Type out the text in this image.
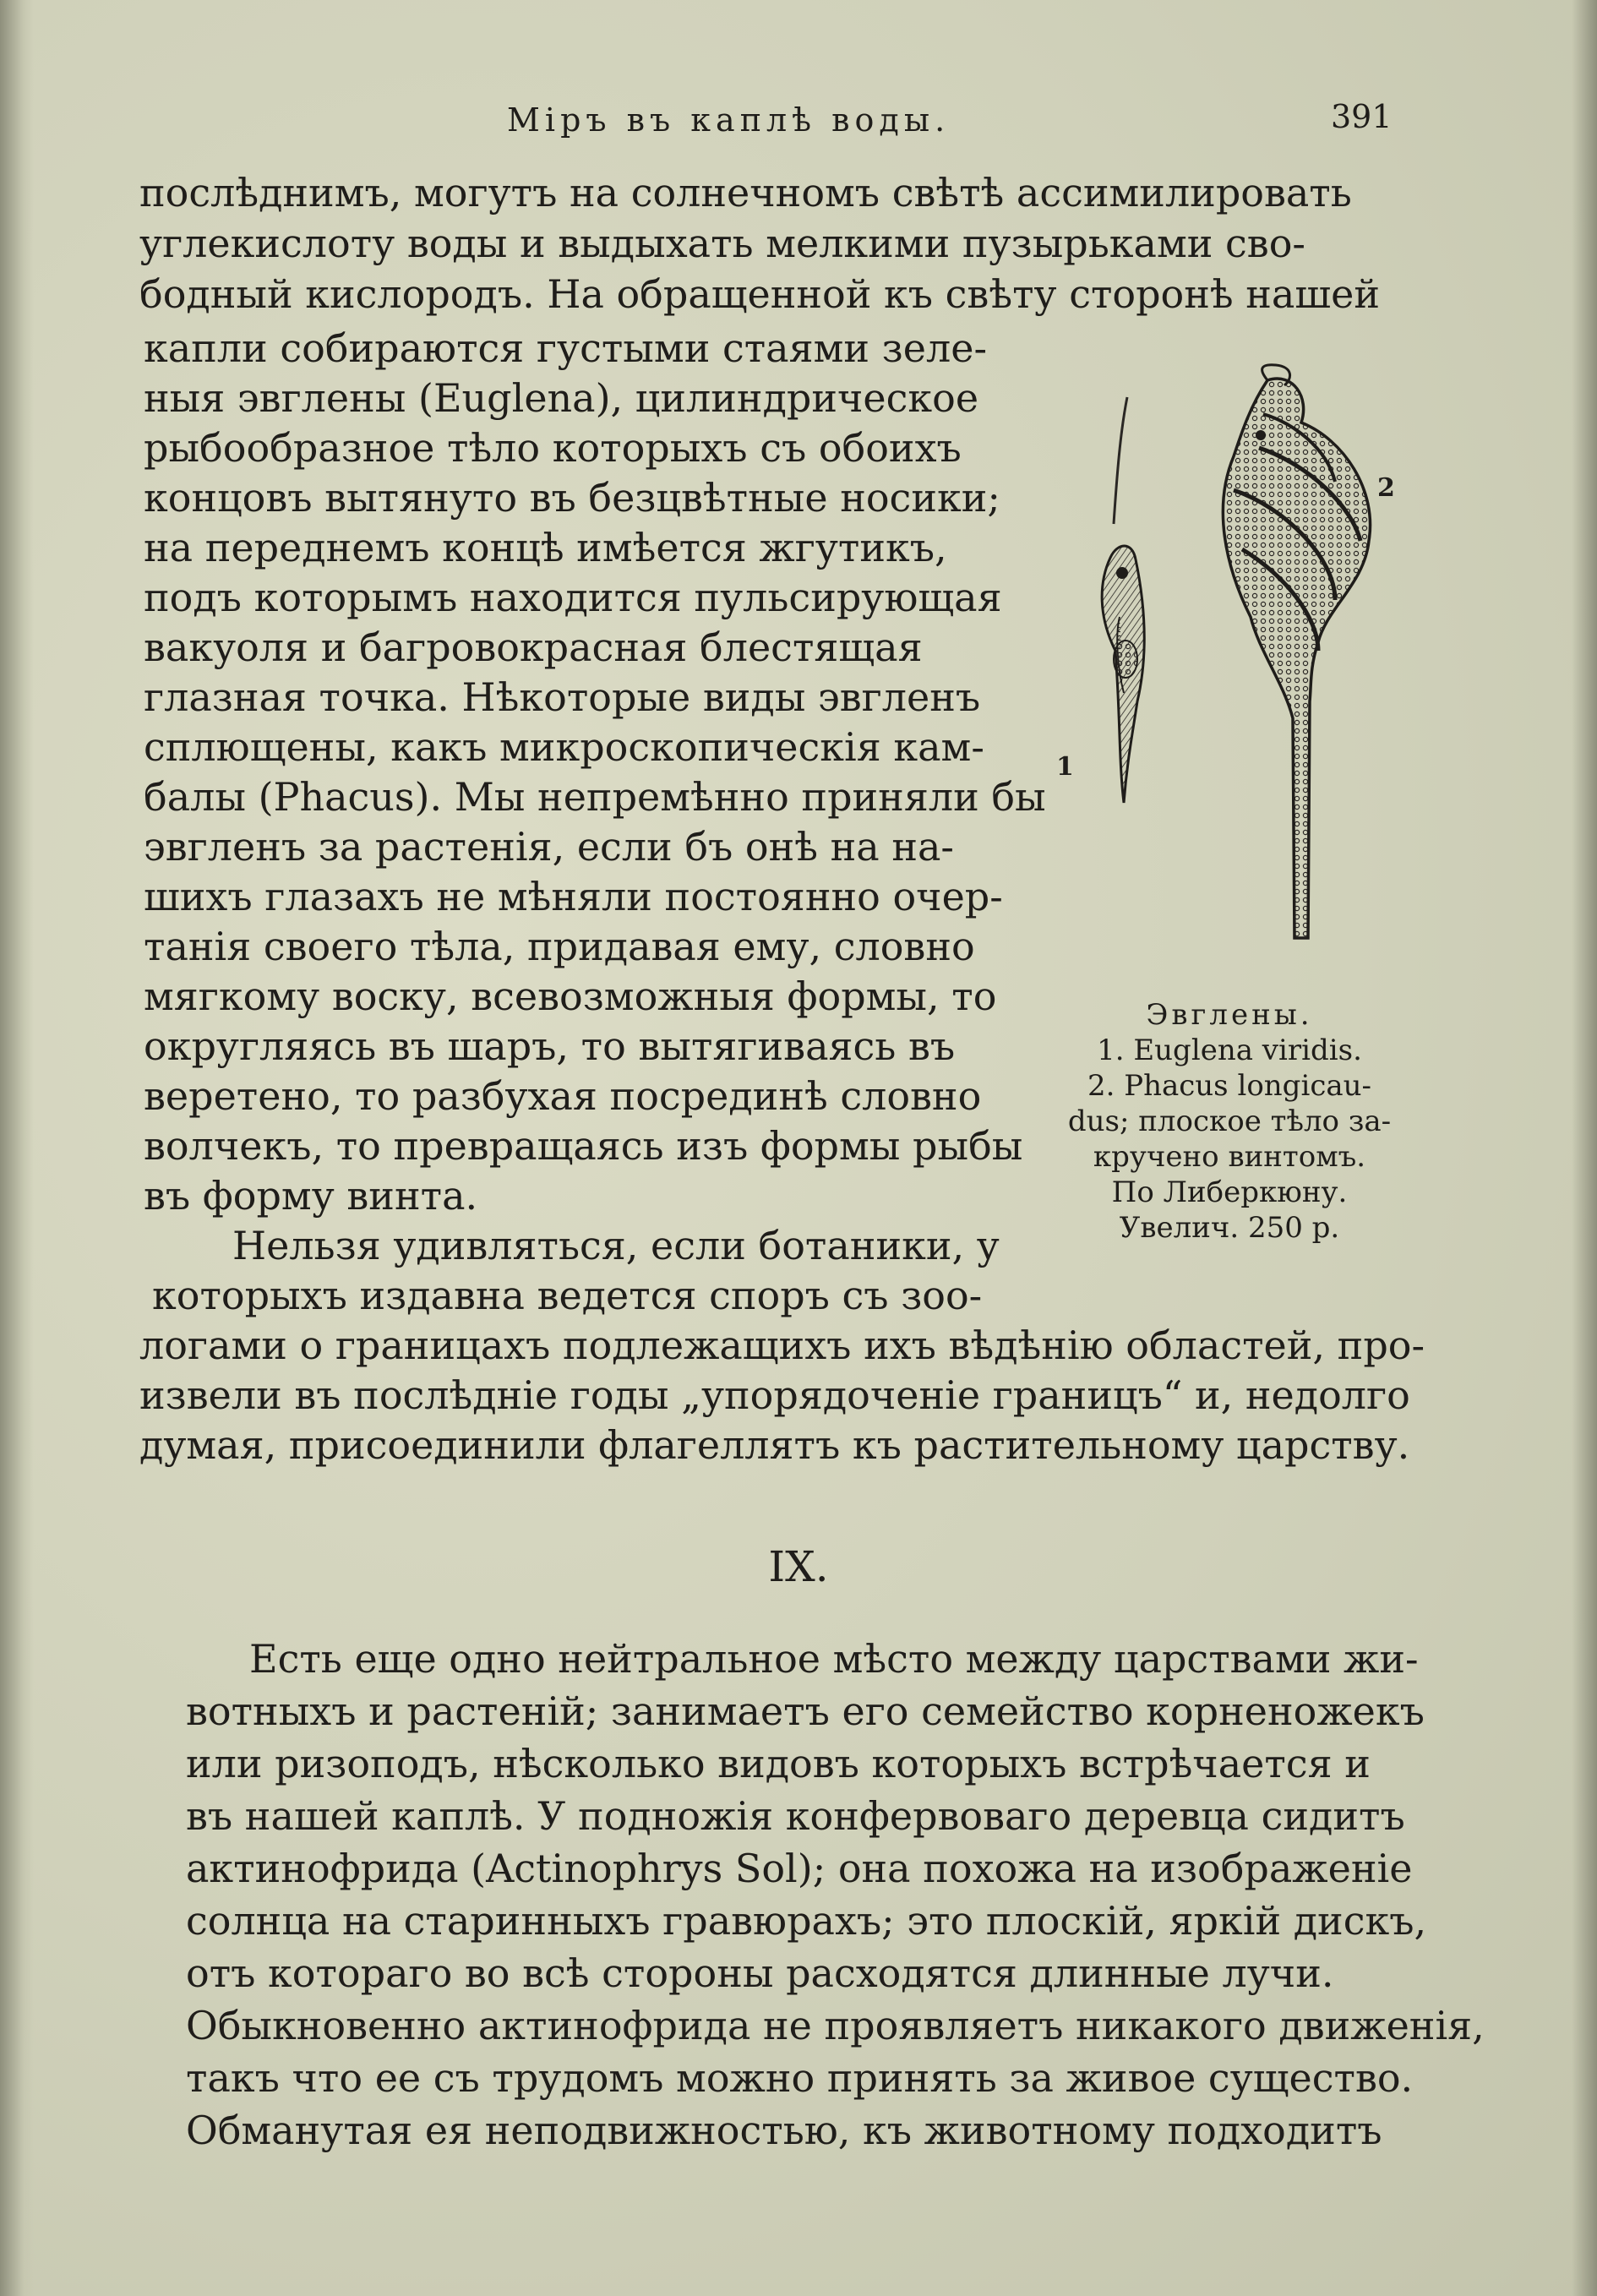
Міръ въ каплѣ воды.	391
послѣднимъ, могутъ на солнечномъ свѣтѣ ассимилировать
углекислоту воды и выдыхать мелкими пузырьками сво-
бодный кислородъ. На обращенной къ свѣту сторонѣ нашей
капли собираются густыми стаями зеле-
ныя эвглены (Euglena), цилиндрическое
рыбообразное тѣло которыхъ съ обоихъ
концовъ вытянуто въ безцвѣтные носики;
на переднемъ концѣ имѣется жгутикъ,
подъ которымъ находится пульсирующая
вакуоля и багровокрасная блестящая
глазная точка. Нѣкоторые виды эвгленъ
сплющены, какъ микроскопическія кам-
балы (Phacus). Мы непремѣнно приняли бы
эвгленъ за растенія, если бъ онѣ на на-
шихъ глазахъ не мѣняли постоянно очер-
танія своего тѣла, придавая ему, словно
мягкому воску, всевозможныя формы, то
округляясь въ шаръ, то вытягиваясь въ
веретено, то разбухая посрединѣ словно
волчекъ, то превращаясь изъ формы рыбы
въ форму винта.
Нельзя удивляться, если ботаники, у
которыхъ издавна ведется споръ съ зоо-
логами о границахъ подлежащихъ ихъ вѣдѣнію областей, про-
извели въ послѣдніе годы „упорядоченіе границъ“ и, недолго
думая, присоединили флагеллятъ къ растительному царству.
1
2
Эвглены.
1. Euglena viridis.
2. Phacus longicau-
dus; плоское тѣло за-
кручено винтомъ.
По Либеркюну.
Увелич. 250 р.
IX.
Есть еще одно нейтральное мѣсто между царствами жи-
вотныхъ и растеній; занимаетъ его семейство корненожекъ
или ризоподъ, нѣсколько видовъ которыхъ встрѣчается и
въ нашей каплѣ. У подножія конфервоваго деревца сидитъ
актинофрида (Actinophrys Sol); она похожа на изображеніе
солнца на старинныхъ гравюрахъ; это плоскій, яркій дискъ,
отъ котораго во всѣ стороны расходятся длинные лучи.
Обыкновенно актинофрида не проявляетъ никакого движенія,
такъ что ее съ трудомъ можно принять за живое существо.
Обманутая ея неподвижностью, къ животному подходитъ
